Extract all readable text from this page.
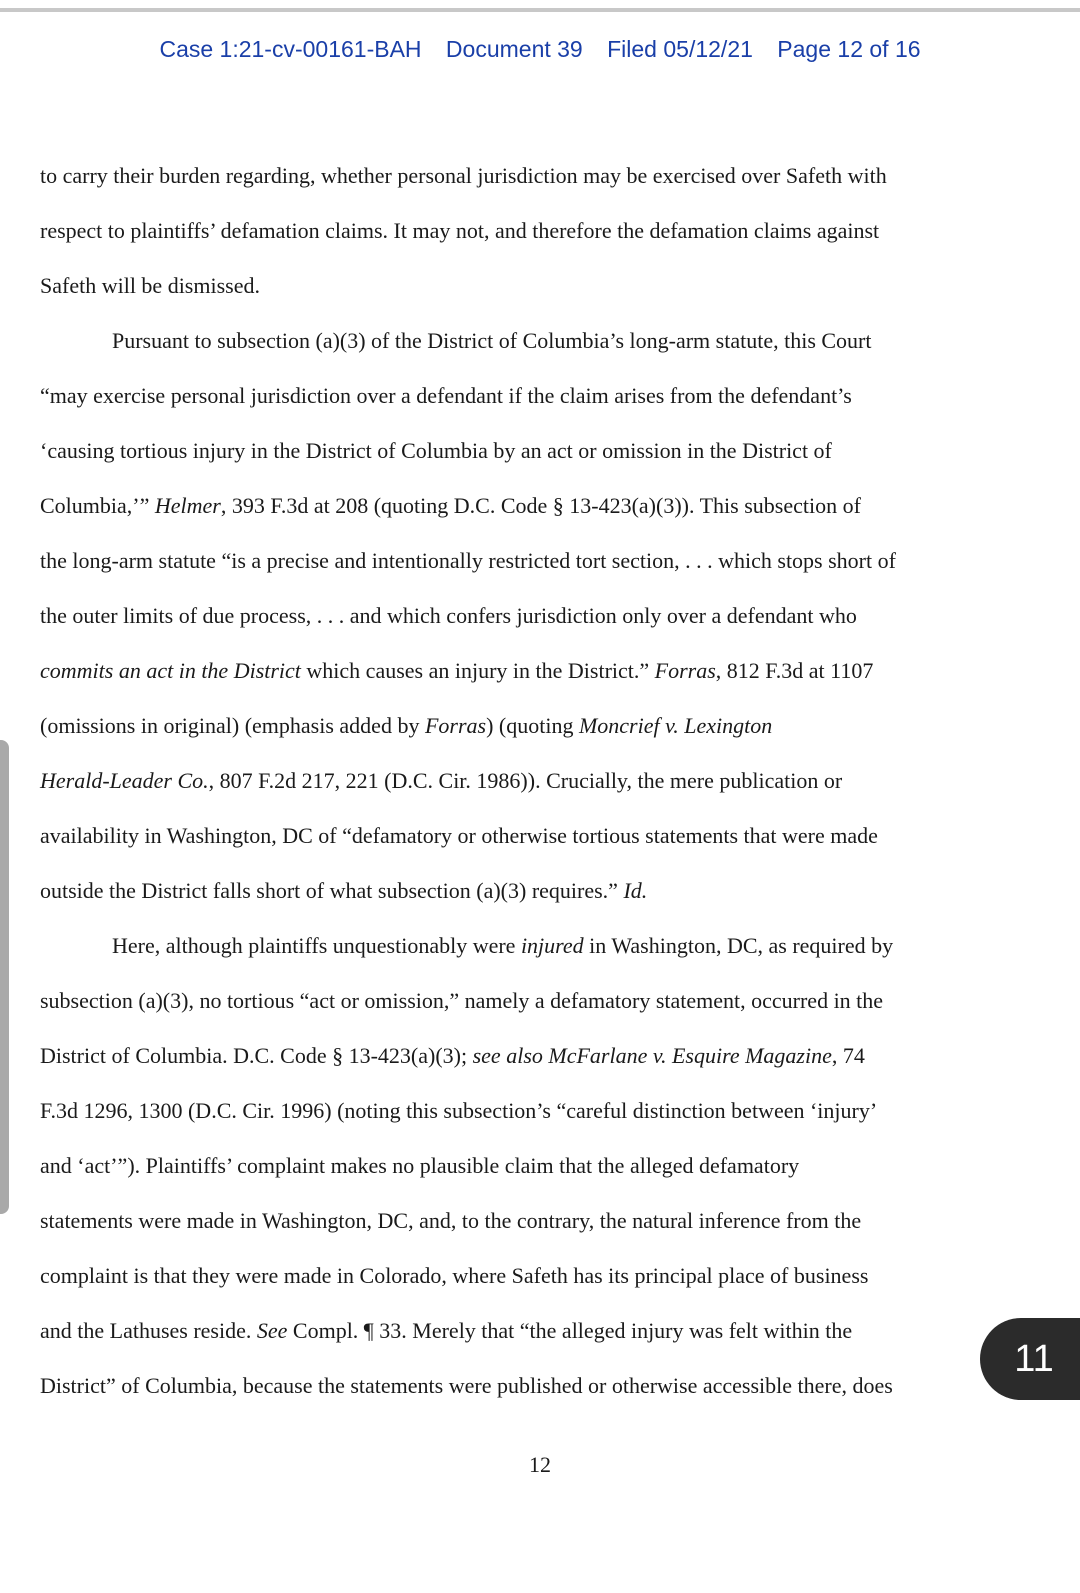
Case 1:21-cv-00161-BAH Document 39 Filed 05/12/21 Page 12 of 16
to carry their burden regarding, whether personal jurisdiction may be exercised over Safeth with
respect to plaintiffs’ defamation claims. It may not, and therefore the defamation claims against
Safeth will be dismissed.
Pursuant to subsection (a)(3) of the District of Columbia’s long-arm statute, this Court
“may exercise personal jurisdiction over a defendant if the claim arises from the defendant’s
‘causing tortious injury in the District of Columbia by an act or omission in the District of
Columbia,’” Helmer, 393 F.3d at 208 (quoting D.C. Code § 13-423(a)(3)). This subsection of
the long-arm statute “is a precise and intentionally restricted tort section, . . . which stops short of
the outer limits of due process, . . . and which confers jurisdiction only over a defendant who
commits an act in the District which causes an injury in the District.” Forras, 812 F.3d at 1107
(omissions in original) (emphasis added by Forras) (quoting Moncrief v. Lexington
Herald-Leader Co., 807 F.2d 217, 221 (D.C. Cir. 1986)). Crucially, the mere publication or
availability in Washington, DC of “defamatory or otherwise tortious statements that were made
outside the District falls short of what subsection (a)(3) requires.” Id.
Here, although plaintiffs unquestionably were injured in Washington, DC, as required by
subsection (a)(3), no tortious “act or omission,” namely a defamatory statement, occurred in the
District of Columbia. D.C. Code § 13-423(a)(3); see also McFarlane v. Esquire Magazine, 74
F.3d 1296, 1300 (D.C. Cir. 1996) (noting this subsection’s “careful distinction between ‘injury’
and ‘act’”). Plaintiffs’ complaint makes no plausible claim that the alleged defamatory
statements were made in Washington, DC, and, to the contrary, the natural inference from the
complaint is that they were made in Colorado, where Safeth has its principal place of business
and the Lathuses reside. See Compl. ¶ 33. Merely that “the alleged injury was felt within the
District” of Columbia, because the statements were published or otherwise accessible there, does
12
11
